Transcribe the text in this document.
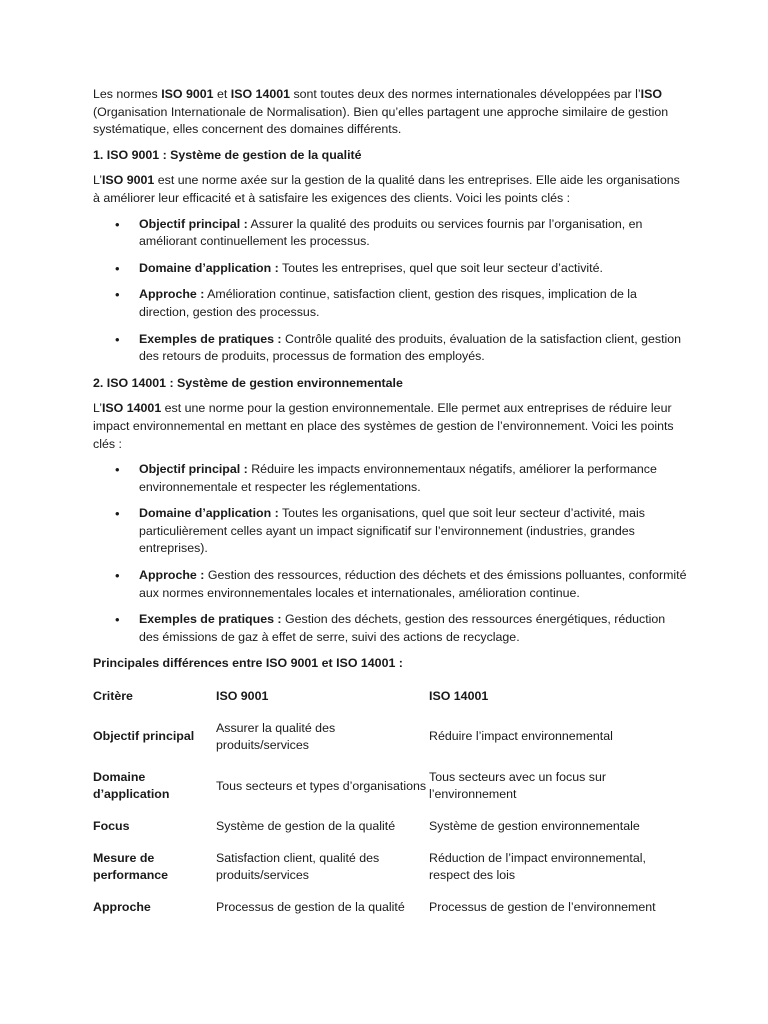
Les normes ISO 9001 et ISO 14001 sont toutes deux des normes internationales développées par l’ISO (Organisation Internationale de Normalisation). Bien qu’elles partagent une approche similaire de gestion systématique, elles concernent des domaines différents.

1. ISO 9001 : Système de gestion de la qualité

L’ISO 9001 est une norme axée sur la gestion de la qualité dans les entreprises. Elle aide les organisations à améliorer leur efficacité et à satisfaire les exigences des clients. Voici les points clés :

• Objectif principal : Assurer la qualité des produits ou services fournis par l’organisation, en améliorant continuellement les processus.
• Domaine d’application : Toutes les entreprises, quel que soit leur secteur d’activité.
• Approche : Amélioration continue, satisfaction client, gestion des risques, implication de la direction, gestion des processus.
• Exemples de pratiques : Contrôle qualité des produits, évaluation de la satisfaction client, gestion des retours de produits, processus de formation des employés.

2. ISO 14001 : Système de gestion environnementale

L’ISO 14001 est une norme pour la gestion environnementale. Elle permet aux entreprises de réduire leur impact environnemental en mettant en place des systèmes de gestion de l’environnement. Voici les points clés :

• Objectif principal : Réduire les impacts environnementaux négatifs, améliorer la performance environnementale et respecter les réglementations.
• Domaine d’application : Toutes les organisations, quel que soit leur secteur d’activité, mais particulièrement celles ayant un impact significatif sur l’environnement (industries, grandes entreprises).
• Approche : Gestion des ressources, réduction des déchets et des émissions polluantes, conformité aux normes environnementales locales et internationales, amélioration continue.
• Exemples de pratiques : Gestion des déchets, gestion des ressources énergétiques, réduction des émissions de gaz à effet de serre, suivi des actions de recyclage.

Principales différences entre ISO 9001 et ISO 14001 :

Critère	ISO 9001	ISO 14001
Objectif principal	Assurer la qualité des produits/services	Réduire l’impact environnemental
Domaine d’application	Tous secteurs et types d’organisations	Tous secteurs avec un focus sur l’environnement
Focus	Système de gestion de la qualité	Système de gestion environnementale
Mesure de performance	Satisfaction client, qualité des produits/services	Réduction de l’impact environnemental, respect des lois
Approche	Processus de gestion de la qualité	Processus de gestion de l’environnement
